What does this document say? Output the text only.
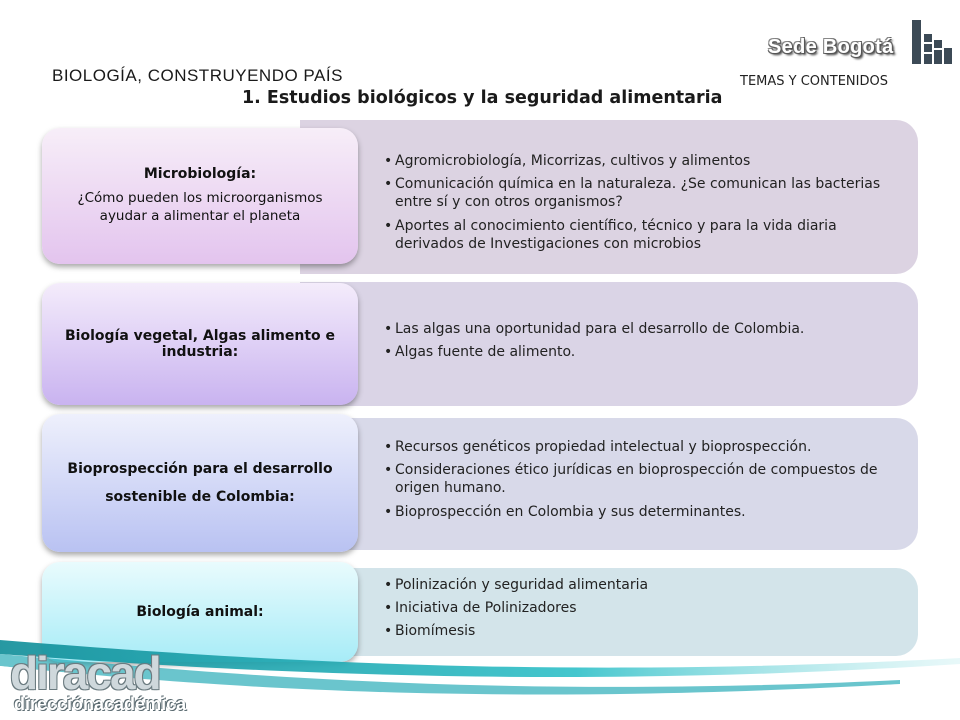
BIOLOGÍA, CONSTRUYENDO PAÍS
1. Estudios biológicos y la seguridad alimentaria
TEMAS Y CONTENIDOS
Sede Bogotá
Microbiología:
¿Cómo pueden los microorganismos ayudar a alimentar el planeta
• Agromicrobiología, Micorrizas, cultivos y alimentos
• Comunicación química en la naturaleza. ¿Se comunican las bacterias entre sí y con otros organismos?
• Aportes al conocimiento científico, técnico y para la vida diaria derivados de Investigaciones con microbios
Biología vegetal, Algas alimento e industria:
• Las algas una oportunidad para el desarrollo de Colombia.
• Algas fuente de alimento.
Bioprospección para el desarrollo sostenible de Colombia:
• Recursos genéticos propiedad intelectual y bioprospección.
• Consideraciones ético jurídicas en bioprospección de compuestos de origen humano.
• Bioprospección en Colombia y sus determinantes.
Biología animal:
• Polinización y seguridad alimentaria
• Iniciativa de Polinizadores
• Biomímesis
diracad
direcciónacadémica
